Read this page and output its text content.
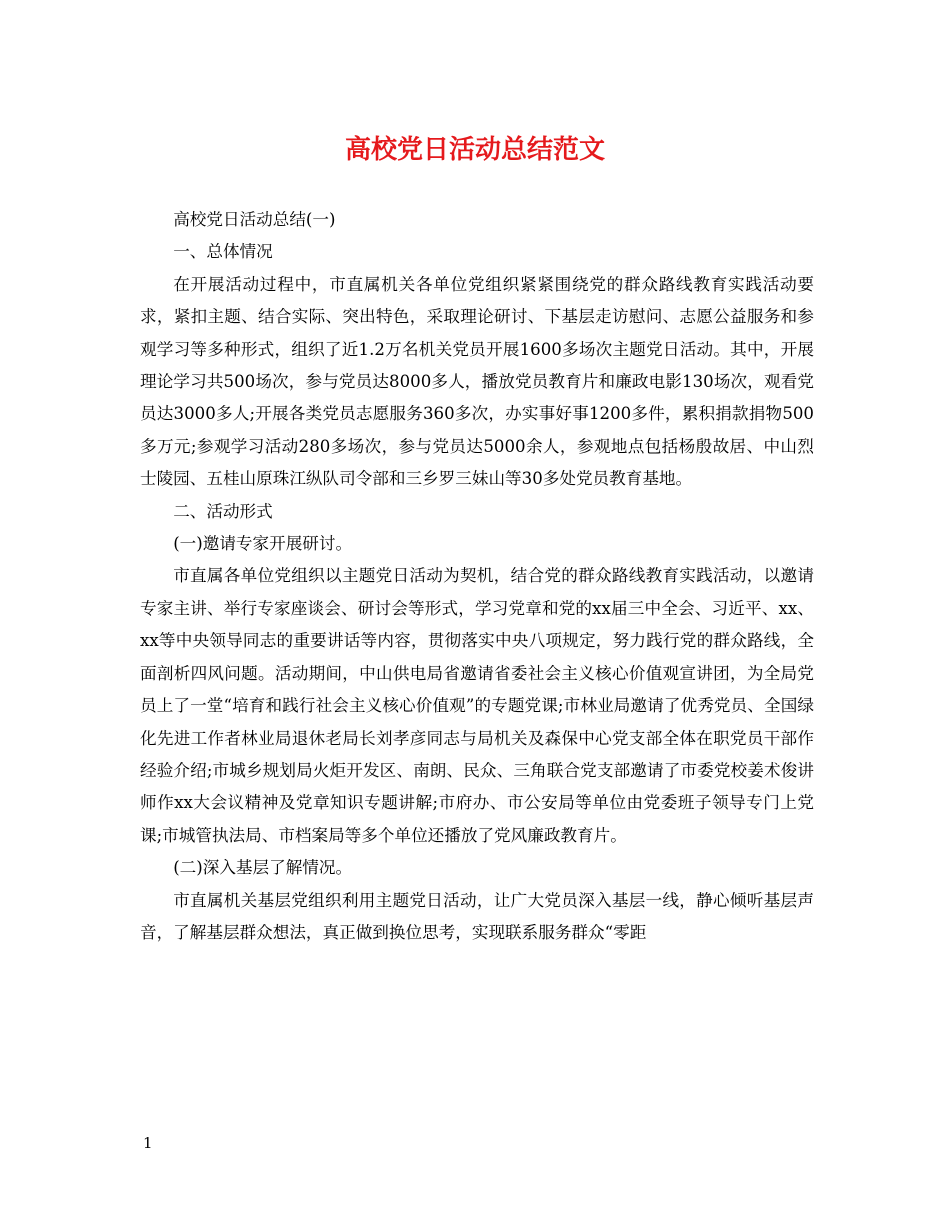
高校党日活动总结范文

高校党日活动总结(一)

一、总体情况

在开展活动过程中，市直属机关各单位党组织紧紧围绕党的群众路线教育实践活动要求，紧扣主题、结合实际、突出特色，采取理论研讨、下基层走访慰问、志愿公益服务和参观学习等多种形式，组织了近1.2万名机关党员开展1600多场次主题党日活动。其中，开展理论学习共500场次，参与党员达8000多人，播放党员教育片和廉政电影130场次，观看党员达3000多人;开展各类党员志愿服务360多次，办实事好事1200多件，累积捐款捐物500多万元;参观学习活动280多场次，参与党员达5000余人，参观地点包括杨殷故居、中山烈士陵园、五桂山原珠江纵队司令部和三乡罗三妹山等30多处党员教育基地。

二、活动形式

(一)邀请专家开展研讨。

市直属各单位党组织以主题党日活动为契机，结合党的群众路线教育实践活动，以邀请专家主讲、举行专家座谈会、研讨会等形式，学习党章和党的xx届三中全会、习近平、xx、xx等中央领导同志的重要讲话等内容，贯彻落实中央八项规定，努力践行党的群众路线，全面剖析四风问题。活动期间，中山供电局省邀请省委社会主义核心价值观宣讲团，为全局党员上了一堂“培育和践行社会主义核心价值观”的专题党课;市林业局邀请了优秀党员、全国绿化先进工作者林业局退休老局长刘孝彦同志与局机关及森保中心党支部全体在职党员干部作经验介绍;市城乡规划局火炬开发区、南朗、民众、三角联合党支部邀请了市委党校姜术俊讲师作xx大会议精神及党章知识专题讲解;市府办、市公安局等单位由党委班子领导专门上党课;市城管执法局、市档案局等多个单位还播放了党风廉政教育片。

(二)深入基层了解情况。

市直属机关基层党组织利用主题党日活动，让广大党员深入基层一线，静心倾听基层声音，了解基层群众想法，真正做到换位思考，实现联系服务群众“零距

1
